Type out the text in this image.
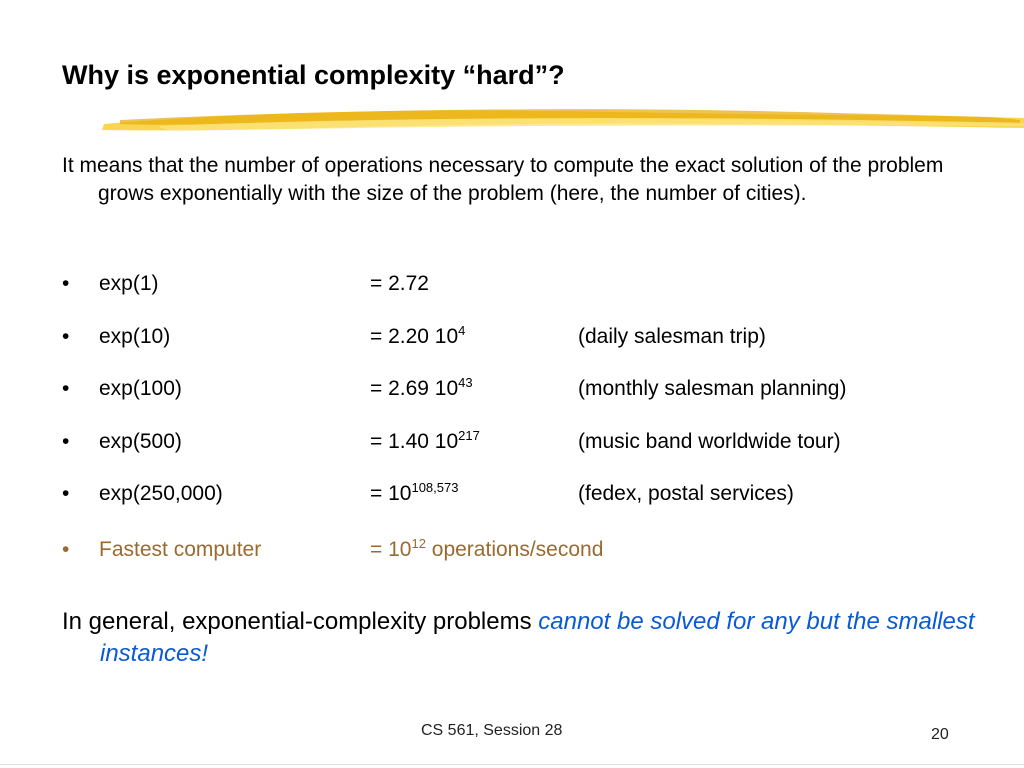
Why is exponential complexity “hard”?
It means that the number of operations necessary to compute the exact solution of the problem grows exponentially with the size of the problem (here, the number of cities).
• exp(1)	= 2.72
• exp(10)	= 2.20 $10^4$	(daily salesman trip)
• exp(100)	= 2.69 $10^{43}$	(monthly salesman planning)
• exp(500)	= 1.40 $10^{217}$	(music band worldwide tour)
• exp(250,000)	= $10^{108,573}$	(fedex, postal services)
• Fastest computer	= $10^{12}$ operations/second
In general, exponential-complexity problems cannot be solved for any but the smallest instances!
CS 561, Session 28	20
